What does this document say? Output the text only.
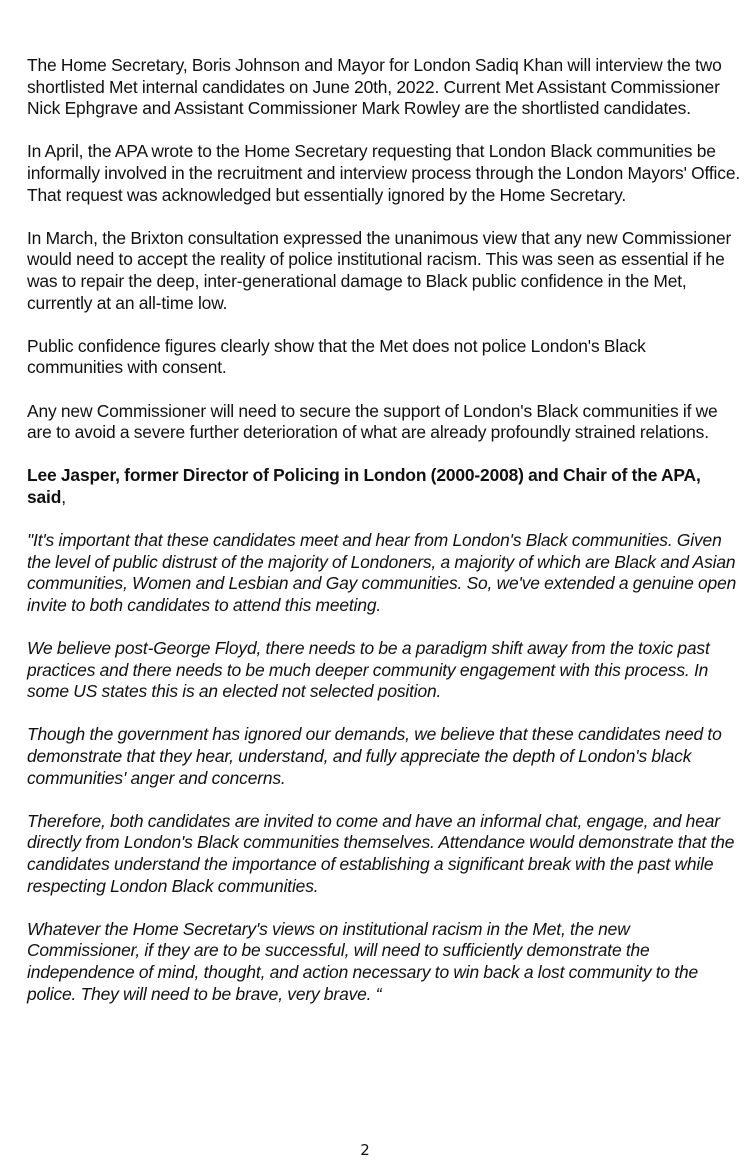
The Home Secretary, Boris Johnson and Mayor for London Sadiq Khan will interview the two shortlisted Met internal candidates on June 20th, 2022. Current Met Assistant Commissioner Nick Ephgrave and Assistant Commissioner Mark Rowley are the shortlisted candidates.

In April, the APA wrote to the Home Secretary requesting that London Black communities be informally involved in the recruitment and interview process through the London Mayors' Office. That request was acknowledged but essentially ignored by the Home Secretary.

In March, the Brixton consultation expressed the unanimous view that any new Commissioner would need to accept the reality of police institutional racism. This was seen as essential if he was to repair the deep, inter-generational damage to Black public confidence in the Met, currently at an all-time low.

Public confidence figures clearly show that the Met does not police London's Black communities with consent.

Any new Commissioner will need to secure the support of London's Black communities if we are to avoid a severe further deterioration of what are already profoundly strained relations.

Lee Jasper, former Director of Policing in London (2000-2008) and Chair of the APA, said,

"It's important that these candidates meet and hear from London's Black communities. Given the level of public distrust of the majority of Londoners, a majority of which are Black and Asian communities, Women and Lesbian and Gay communities. So, we've extended a genuine open invite to both candidates to attend this meeting.

We believe post-George Floyd, there needs to be a paradigm shift away from the toxic past practices and there needs to be much deeper community engagement with this process. In some US states this is an elected not selected position.

Though the government has ignored our demands, we believe that these candidates need to demonstrate that they hear, understand, and fully appreciate the depth of London's black communities' anger and concerns.

Therefore, both candidates are invited to come and have an informal chat, engage, and hear directly from London's Black communities themselves. Attendance would demonstrate that the candidates understand the importance of establishing a significant break with the past while respecting London Black communities.

Whatever the Home Secretary's views on institutional racism in the Met, the new Commissioner, if they are to be successful, will need to sufficiently demonstrate the independence of mind, thought, and action necessary to win back a lost community to the police. They will need to be brave, very brave. “

2
